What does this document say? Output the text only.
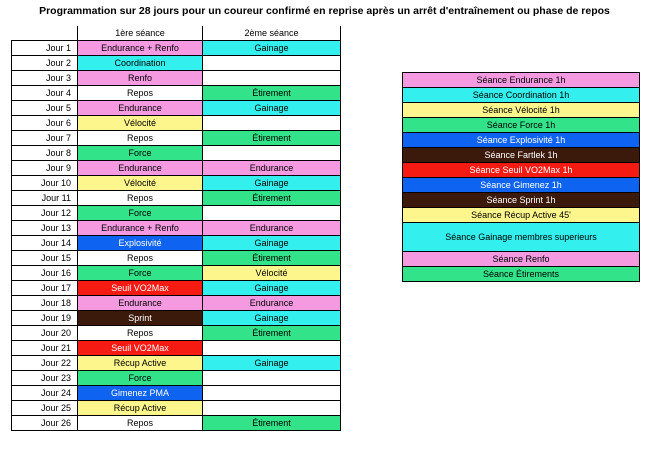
Programmation sur 28 jours pour un coureur confirmé en reprise après un arrêt d'entraînement ou phase de repos
	1ère séance	2ème séance
Jour 1	Endurance + Renfo	Gainage
Jour 2	Coordination	
Jour 3	Renfo	
Jour 4	Repos	Étirement
Jour 5	Endurance	Gainage
Jour 6	Vélocité	
Jour 7	Repos	Étirement
Jour 8	Force	
Jour 9	Endurance	Endurance
Jour 10	Vélocité	Gainage
Jour 11	Repos	Étirement
Jour 12	Force	
Jour 13	Endurance + Renfo	Endurance
Jour 14	Explosivité	Gainage
Jour 15	Repos	Étirement
Jour 16	Force	Vélocité
Jour 17	Seuil VO2Max	Gainage
Jour 18	Endurance	Endurance
Jour 19	Sprint	Gainage
Jour 20	Repos	Étirement
Jour 21	Seuil VO2Max	
Jour 22	Récup Active	Gainage
Jour 23	Force	
Jour 24	Gimenez PMA	
Jour 25	Récup Active	
Jour 26	Repos	Étirement
Séance Endurance 1h
Séance Coordination 1h
Séance Vélocité 1h
Séance Force 1h
Séance Explosivité 1h
Séance Fartlek 1h
Séance Seuil VO2Max 1h
Séance Gimenez 1h
Séance Sprint 1h
Séance Récup Active 45'
Séance Gainage membres superieurs
Séance Renfo
Séance Étirements
